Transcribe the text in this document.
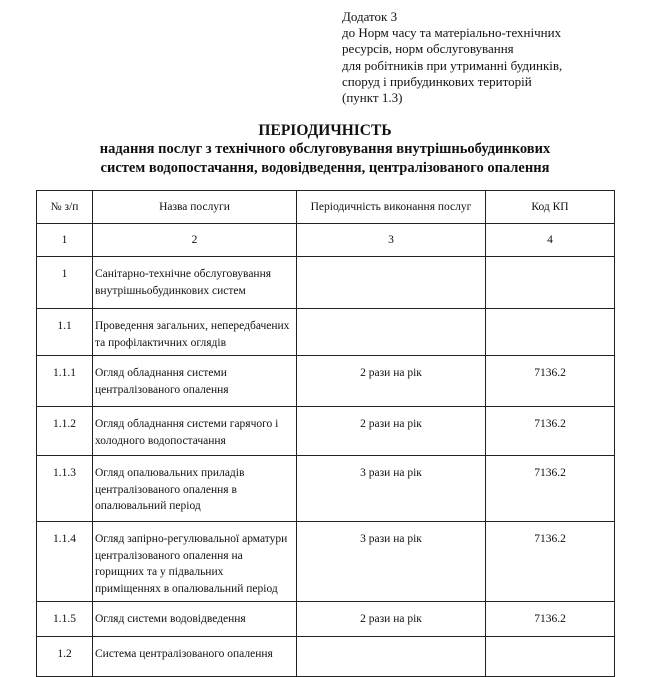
Додаток 3
до Норм часу та матеріально-технічних
ресурсів, норм обслуговування
для робітників при утриманні будинків,
споруд і прибудинкових територій
(пункт 1.3)
ПЕРІОДИЧНІСТЬ
надання послуг з технічного обслуговування внутрішньобудинкових
систем водопостачання, водовідведення, централізованого опалення
№ з/п	Назва послуги	Періодичність виконання послуг	Код КП
1	2	3	4
1	Санітарно-технічне обслуговування внутрішньобудинкових систем		
1.1	Проведення загальних, непередбачених та профілактичних оглядів		
1.1.1	Огляд обладнання системи централізованого опалення	2 рази на рік	7136.2
1.1.2	Огляд обладнання системи гарячого і холодного водопостачання	2 рази на рік	7136.2
1.1.3	Огляд опалювальних приладів централізованого опалення в опалювальний період	3 рази на рік	7136.2
1.1.4	Огляд запірно-регулювальної арматури централізованого опалення на горищних та у підвальних приміщеннях в опалювальний період	3 рази на рік	7136.2
1.1.5	Огляд системи водовідведення	2 рази на рік	7136.2
1.2	Система централізованого опалення		
